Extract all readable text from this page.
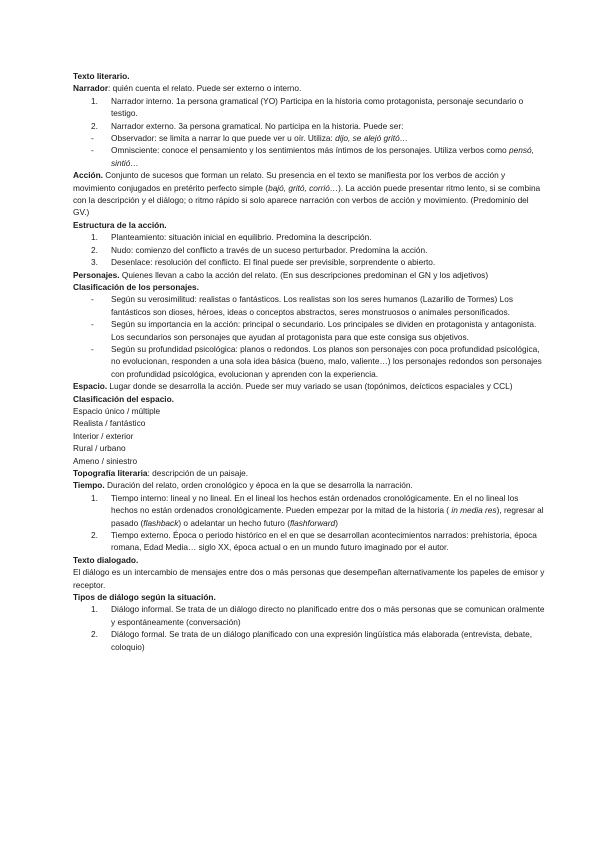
Texto literario.

Narrador: quién cuenta el relato. Puede ser externo o interno.

1. Narrador interno. 1a persona gramatical (YO) Participa en la historia como protagonista, personaje secundario o testigo.
2. Narrador externo. 3a persona gramatical. No participa en la historia. Puede ser:
- Observador: se limita a narrar lo que puede ver u oír. Utiliza: dijo, se alejó gritó…
- Omnisciente: conoce el pensamiento y los sentimientos más íntimos de los personajes. Utiliza verbos como pensó, sintió…

Acción. Conjunto de sucesos que forman un relato. Su presencia en el texto se manifiesta por los verbos de acción y movimiento conjugados en pretérito perfecto simple (bajó, gritó, corrió…). La acción puede presentar ritmo lento, si se combina con la descripción y el diálogo; o ritmo rápido si solo aparece narración con verbos de acción y movimiento. (Predominio del GV.)

Estructura de la acción.

1. Planteamiento: situación inicial en equilibrio. Predomina la descripción.
2. Nudo: comienzo del conflicto a través de un suceso perturbador. Predomina la acción.
3. Desenlace: resolución del conflicto. El final puede ser previsible, sorprendente o abierto.

Personajes. Quienes llevan a cabo la acción del relato. (En sus descripciones predominan el GN y los adjetivos)

Clasificación de los personajes.

- Según su verosimilitud: realistas o fantásticos. Los realistas son los seres humanos (Lazarillo de Tormes) Los fantásticos son dioses, héroes, ideas o conceptos abstractos, seres monstruosos o animales personificados.
- Según su importancia en la acción: principal o secundario. Los principales se dividen en protagonista y antagonista. Los secundarios son personajes que ayudan al protagonista para que este consiga sus objetivos.
- Según su profundidad psicológica: planos o redondos. Los planos son personajes con poca profundidad psicológica, no evolucionan, responden a una sola idea básica (bueno, malo, valiente…) los personajes redondos son personajes con profundidad psicológica, evolucionan y aprenden con la experiencia.

Espacio. Lugar donde se desarrolla la acción. Puede ser muy variado se usan (topónimos, deícticos espaciales y CCL)

Clasificación del espacio.

Espacio único / múltiple

Realista / fantástico

Interior / exterior

Rural / urbano

Ameno / siniestro

Topografía literaria: descripción de un paisaje.

Tiempo. Duración del relato, orden cronológico y época en la que se desarrolla la narración.

1. Tiempo interno: lineal y no lineal. En el lineal los hechos están ordenados cronológicamente. En el no lineal los hechos no están ordenados cronológicamente. Pueden empezar por la mitad de la historia ( in media res), regresar al pasado (flashback) o adelantar un hecho futuro (flashforward)
2. Tiempo externo. Época o periodo histórico en el en que se desarrollan acontecimientos narrados: prehistoria, época romana, Edad Media… siglo XX, época actual o en un mundo futuro imaginado por el autor.

Texto dialogado.

El diálogo es un intercambio de mensajes entre dos o más personas que desempeñan alternativamente los papeles de emisor y receptor.

Tipos de diálogo según la situación.

1. Diálogo informal. Se trata de un diálogo directo no planificado entre dos o más personas que se comunican oralmente y espontáneamente (conversación)
2. Diálogo formal. Se trata de un diálogo planificado con una expresión lingüística más elaborada (entrevista, debate, coloquio)
